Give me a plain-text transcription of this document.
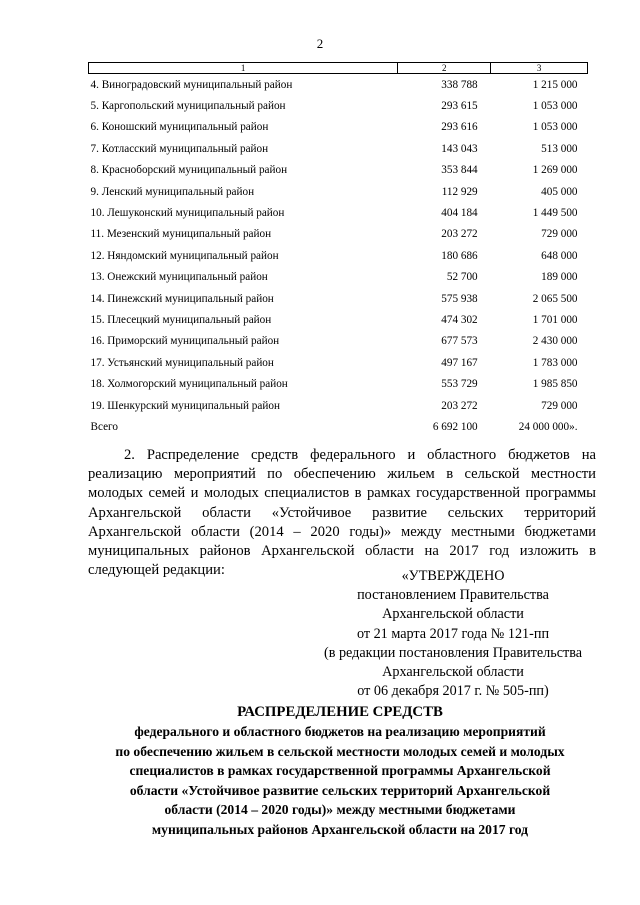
2
1	2	3
4. Виноградовский муниципальный район	338 788	1 215 000
5. Каргопольский муниципальный район	293 615	1 053 000
6. Коношский муниципальный район	293 616	1 053 000
7. Котласский муниципальный район	143 043	513 000
8. Красноборский муниципальный район	353 844	1 269 000
9. Ленский муниципальный район	112 929	405 000
10. Лешуконский муниципальный район	404 184	1 449 500
11. Мезенский муниципальный район	203 272	729 000
12. Няндомский муниципальный район	180 686	648 000
13. Онежский муниципальный район	52 700	189 000
14. Пинежский муниципальный район	575 938	2 065 500
15. Плесецкий муниципальный район	474 302	1 701 000
16. Приморский муниципальный район	677 573	2 430 000
17. Устьянский муниципальный район	497 167	1 783 000
18. Холмогорский муниципальный район	553 729	1 985 850
19. Шенкурский муниципальный район	203 272	729 000
Всего	6 692 100	24 000 000».

2. Распределение средств федерального и областного бюджетов на реализацию мероприятий по обеспечению жильем в сельской местности молодых семей и молодых специалистов в рамках государственной программы Архангельской области «Устойчивое развитие сельских территорий Архангельской области (2014 – 2020 годы)» между местными бюджетами муниципальных районов Архангельской области на 2017 год изложить в следующей редакции:	«УТВЕРЖДЕНО
постановлением Правительства
Архангельской области
от 21 марта 2017 года № 121-пп
(в редакции постановления Правительства
Архангельской области
от 06 декабря 2017 г. № 505-пп)
РАСПРЕДЕЛЕНИЕ СРЕДСТВ
федерального и областного бюджетов на реализацию мероприятий
по обеспечению жильем в сельской местности молодых семей и молодых
специалистов в рамках государственной программы Архангельской
области «Устойчивое развитие сельских территорий Архангельской
области (2014 – 2020 годы)» между местными бюджетами
муниципальных районов Архангельской области на 2017 год
